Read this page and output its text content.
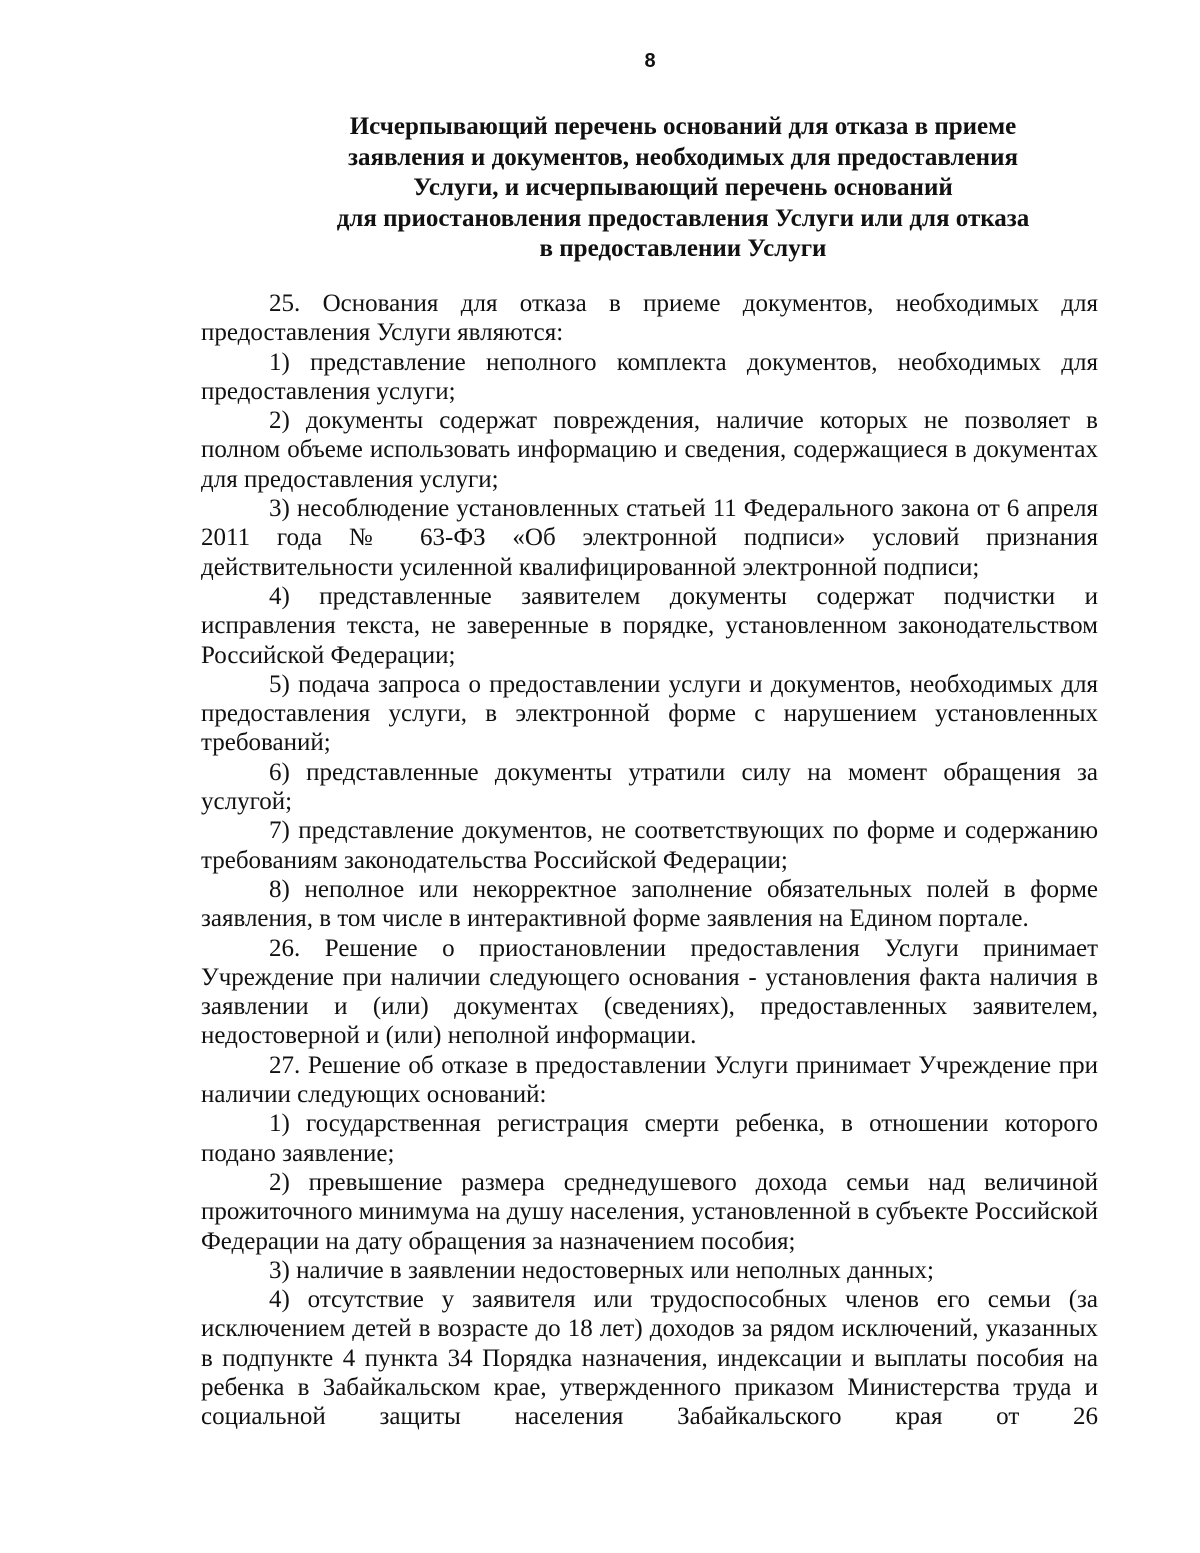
8
Исчерпывающий перечень оснований для отказа в приеме
заявления и документов, необходимых для предоставления
Услуги, и исчерпывающий перечень оснований
для приостановления предоставления Услуги или для отказа
в предоставлении Услуги

25. Основания для отказа в приеме документов, необходимых для предоставления Услуги являются:

1) представление неполного комплекта документов, необходимых для предоставления услуги;

2) документы содержат повреждения, наличие которых не позволяет в полном объеме использовать информацию и сведения, содержащиеся в документах для предоставления услуги;

3) несоблюдение установленных статьей 11 Федерального закона от 6 апреля 2011 года № 63-ФЗ «Об электронной подписи» условий признания действительности усиленной квалифицированной электронной подписи;

4) представленные заявителем документы содержат подчистки и исправления текста, не заверенные в порядке, установленном законодательством Российской Федерации;

5) подача запроса о предоставлении услуги и документов, необходимых для предоставления услуги, в электронной форме с нарушением установленных требований;

6) представленные документы утратили силу на момент обращения за услугой;

7) представление документов, не соответствующих по форме и содержанию требованиям законодательства Российской Федерации;

8) неполное или некорректное заполнение обязательных полей в форме заявления, в том числе в интерактивной форме заявления на Едином портале.

26. Решение о приостановлении предоставления Услуги принимает Учреждение при наличии следующего основания - установления факта наличия в заявлении и (или) документах (сведениях), предоставленных заявителем, недостоверной и (или) неполной информации.

27. Решение об отказе в предоставлении Услуги принимает Учреждение при наличии следующих оснований:

1) государственная регистрация смерти ребенка, в отношении которого подано заявление;

2) превышение размера среднедушевого дохода семьи над величиной прожиточного минимума на душу населения, установленной в субъекте Российской Федерации на дату обращения за назначением пособия;

3) наличие в заявлении недостоверных или неполных данных;

4) отсутствие у заявителя или трудоспособных членов его семьи (за исключением детей в возрасте до 18 лет) доходов за рядом исключений, указанных в подпункте 4 пункта 34 Порядка назначения, индексации и выплаты пособия на ребенка в Забайкальском крае, утвержденного приказом Министерства труда и социальной защиты населения Забайкальского края от 26
